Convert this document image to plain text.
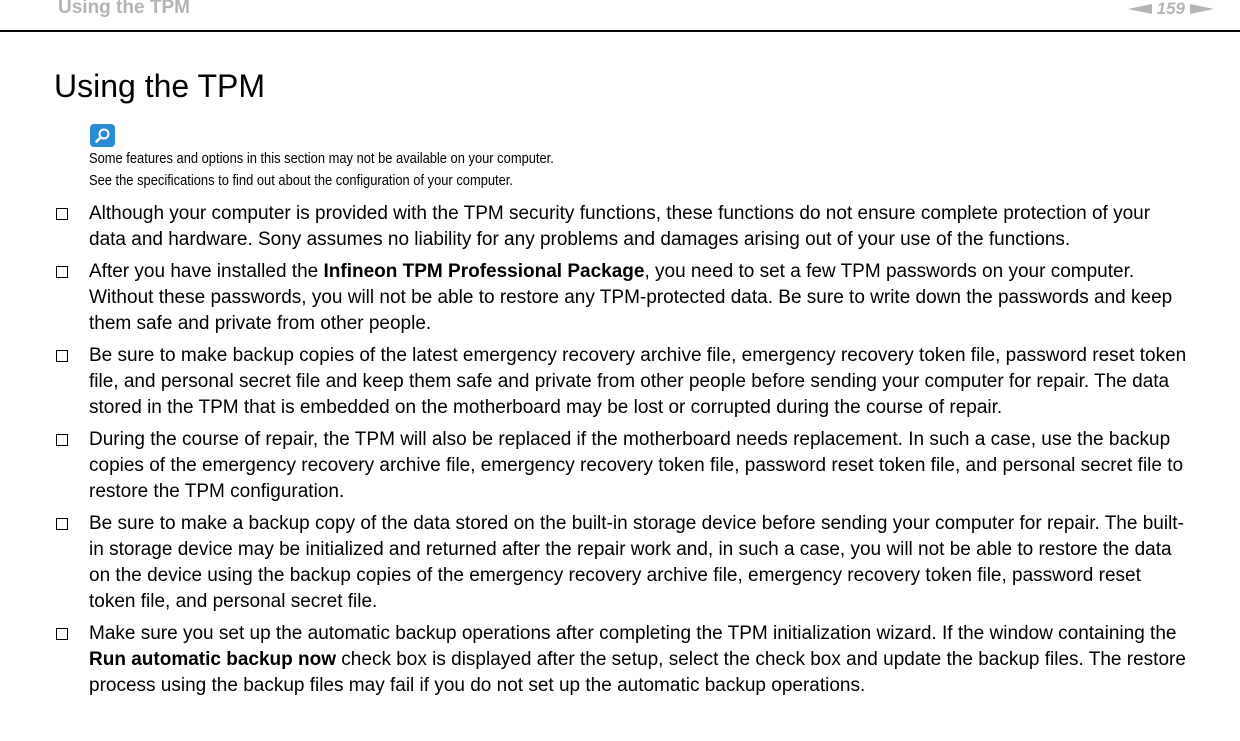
Using the TPM	159
Using the TPM
Some features and options in this section may not be available on your computer.
See the specifications to find out about the configuration of your computer.
Although your computer is provided with the TPM security functions, these functions do not ensure complete protection of your data and hardware. Sony assumes no liability for any problems and damages arising out of your use of the functions.
After you have installed the Infineon TPM Professional Package, you need to set a few TPM passwords on your computer. Without these passwords, you will not be able to restore any TPM-protected data. Be sure to write down the passwords and keep them safe and private from other people.
Be sure to make backup copies of the latest emergency recovery archive file, emergency recovery token file, password reset token file, and personal secret file and keep them safe and private from other people before sending your computer for repair. The data stored in the TPM that is embedded on the motherboard may be lost or corrupted during the course of repair.
During the course of repair, the TPM will also be replaced if the motherboard needs replacement. In such a case, use the backup copies of the emergency recovery archive file, emergency recovery token file, password reset token file, and personal secret file to restore the TPM configuration.
Be sure to make a backup copy of the data stored on the built-in storage device before sending your computer for repair. The built-in storage device may be initialized and returned after the repair work and, in such a case, you will not be able to restore the data on the device using the backup copies of the emergency recovery archive file, emergency recovery token file, password reset token file, and personal secret file.
Make sure you set up the automatic backup operations after completing the TPM initialization wizard. If the window containing the Run automatic backup now check box is displayed after the setup, select the check box and update the backup files. The restore process using the backup files may fail if you do not set up the automatic backup operations.
